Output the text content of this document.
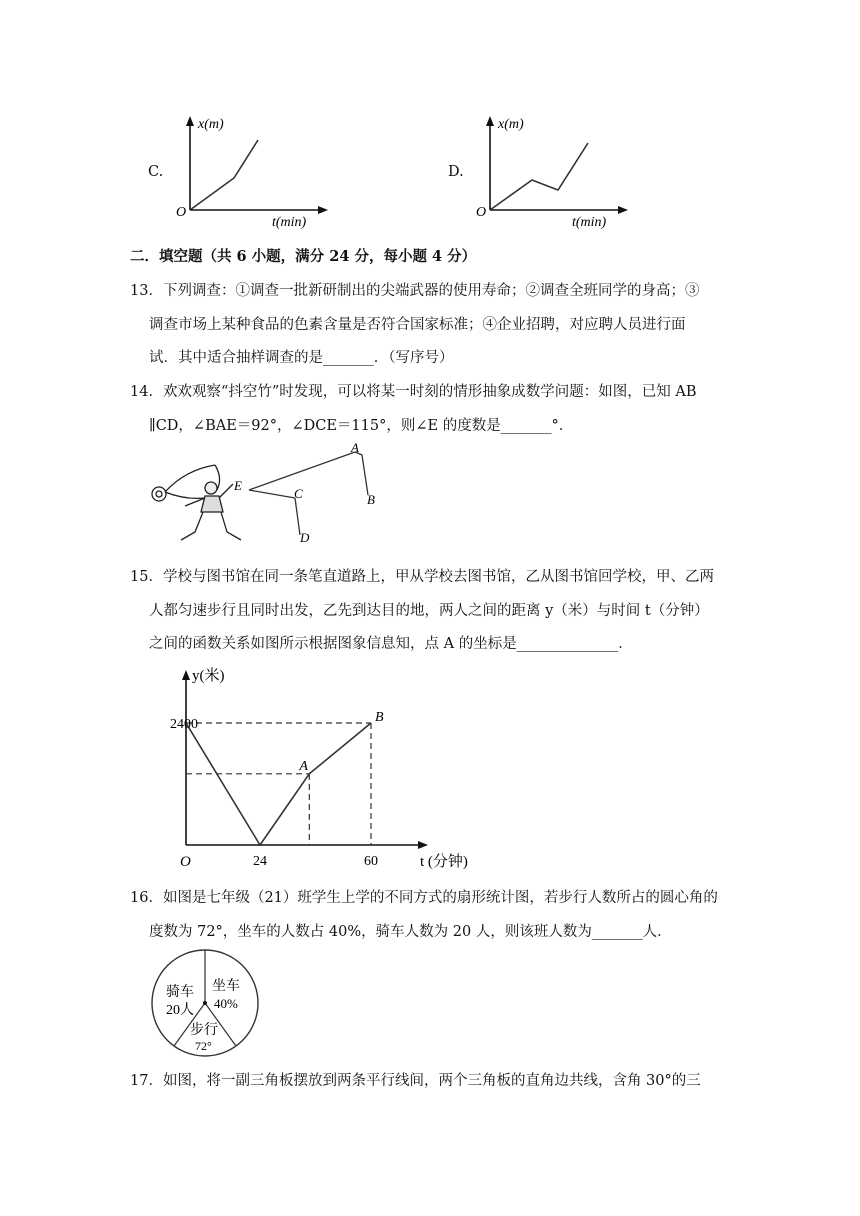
C.
x(m)
t(min)
O
D.
x(m)
t(min)
O
二．填空题（共 6 小题，满分 24 分，每小题 4 分）
13．下列调查：①调查一批新研制出的尖端武器的使用寿命；②调查全班同学的身高；③
调查市场上某种食品的色素含量是否符合国家标准；④企业招聘，对应聘人员进行面
试．其中适合抽样调查的是_______．（写序号）
14．欢欢观察“抖空竹”时发现，可以将某一时刻的情形抽象成数学问题：如图，已知 AB
∥CD，∠BAE＝92°，∠DCE＝115°，则∠E 的度数是_______°．
A
B
C
D
E
15．学校与图书馆在同一条笔直道路上，甲从学校去图书馆，乙从图书馆回学校，甲、乙两
人都匀速步行且同时出发，乙先到达目的地，两人之间的距离 y（米）与时间 t（分钟）
之间的函数关系如图所示根据图象信息知，点 A 的坐标是______________．
y(米)
t (分钟)
O	24	60
2400
A
B
16．如图是七年级（21）班学生上学的不同方式的扇形统计图，若步行人数所占的圆心角的
度数为 72°，坐车的人数占 40%，骑车人数为 20 人，则该班人数为_______人．
骑车
20人
坐车
40%
步行
72°
17．如图，将一副三角板摆放到两条平行线间，两个三角板的直角边共线，含角 30°的三
